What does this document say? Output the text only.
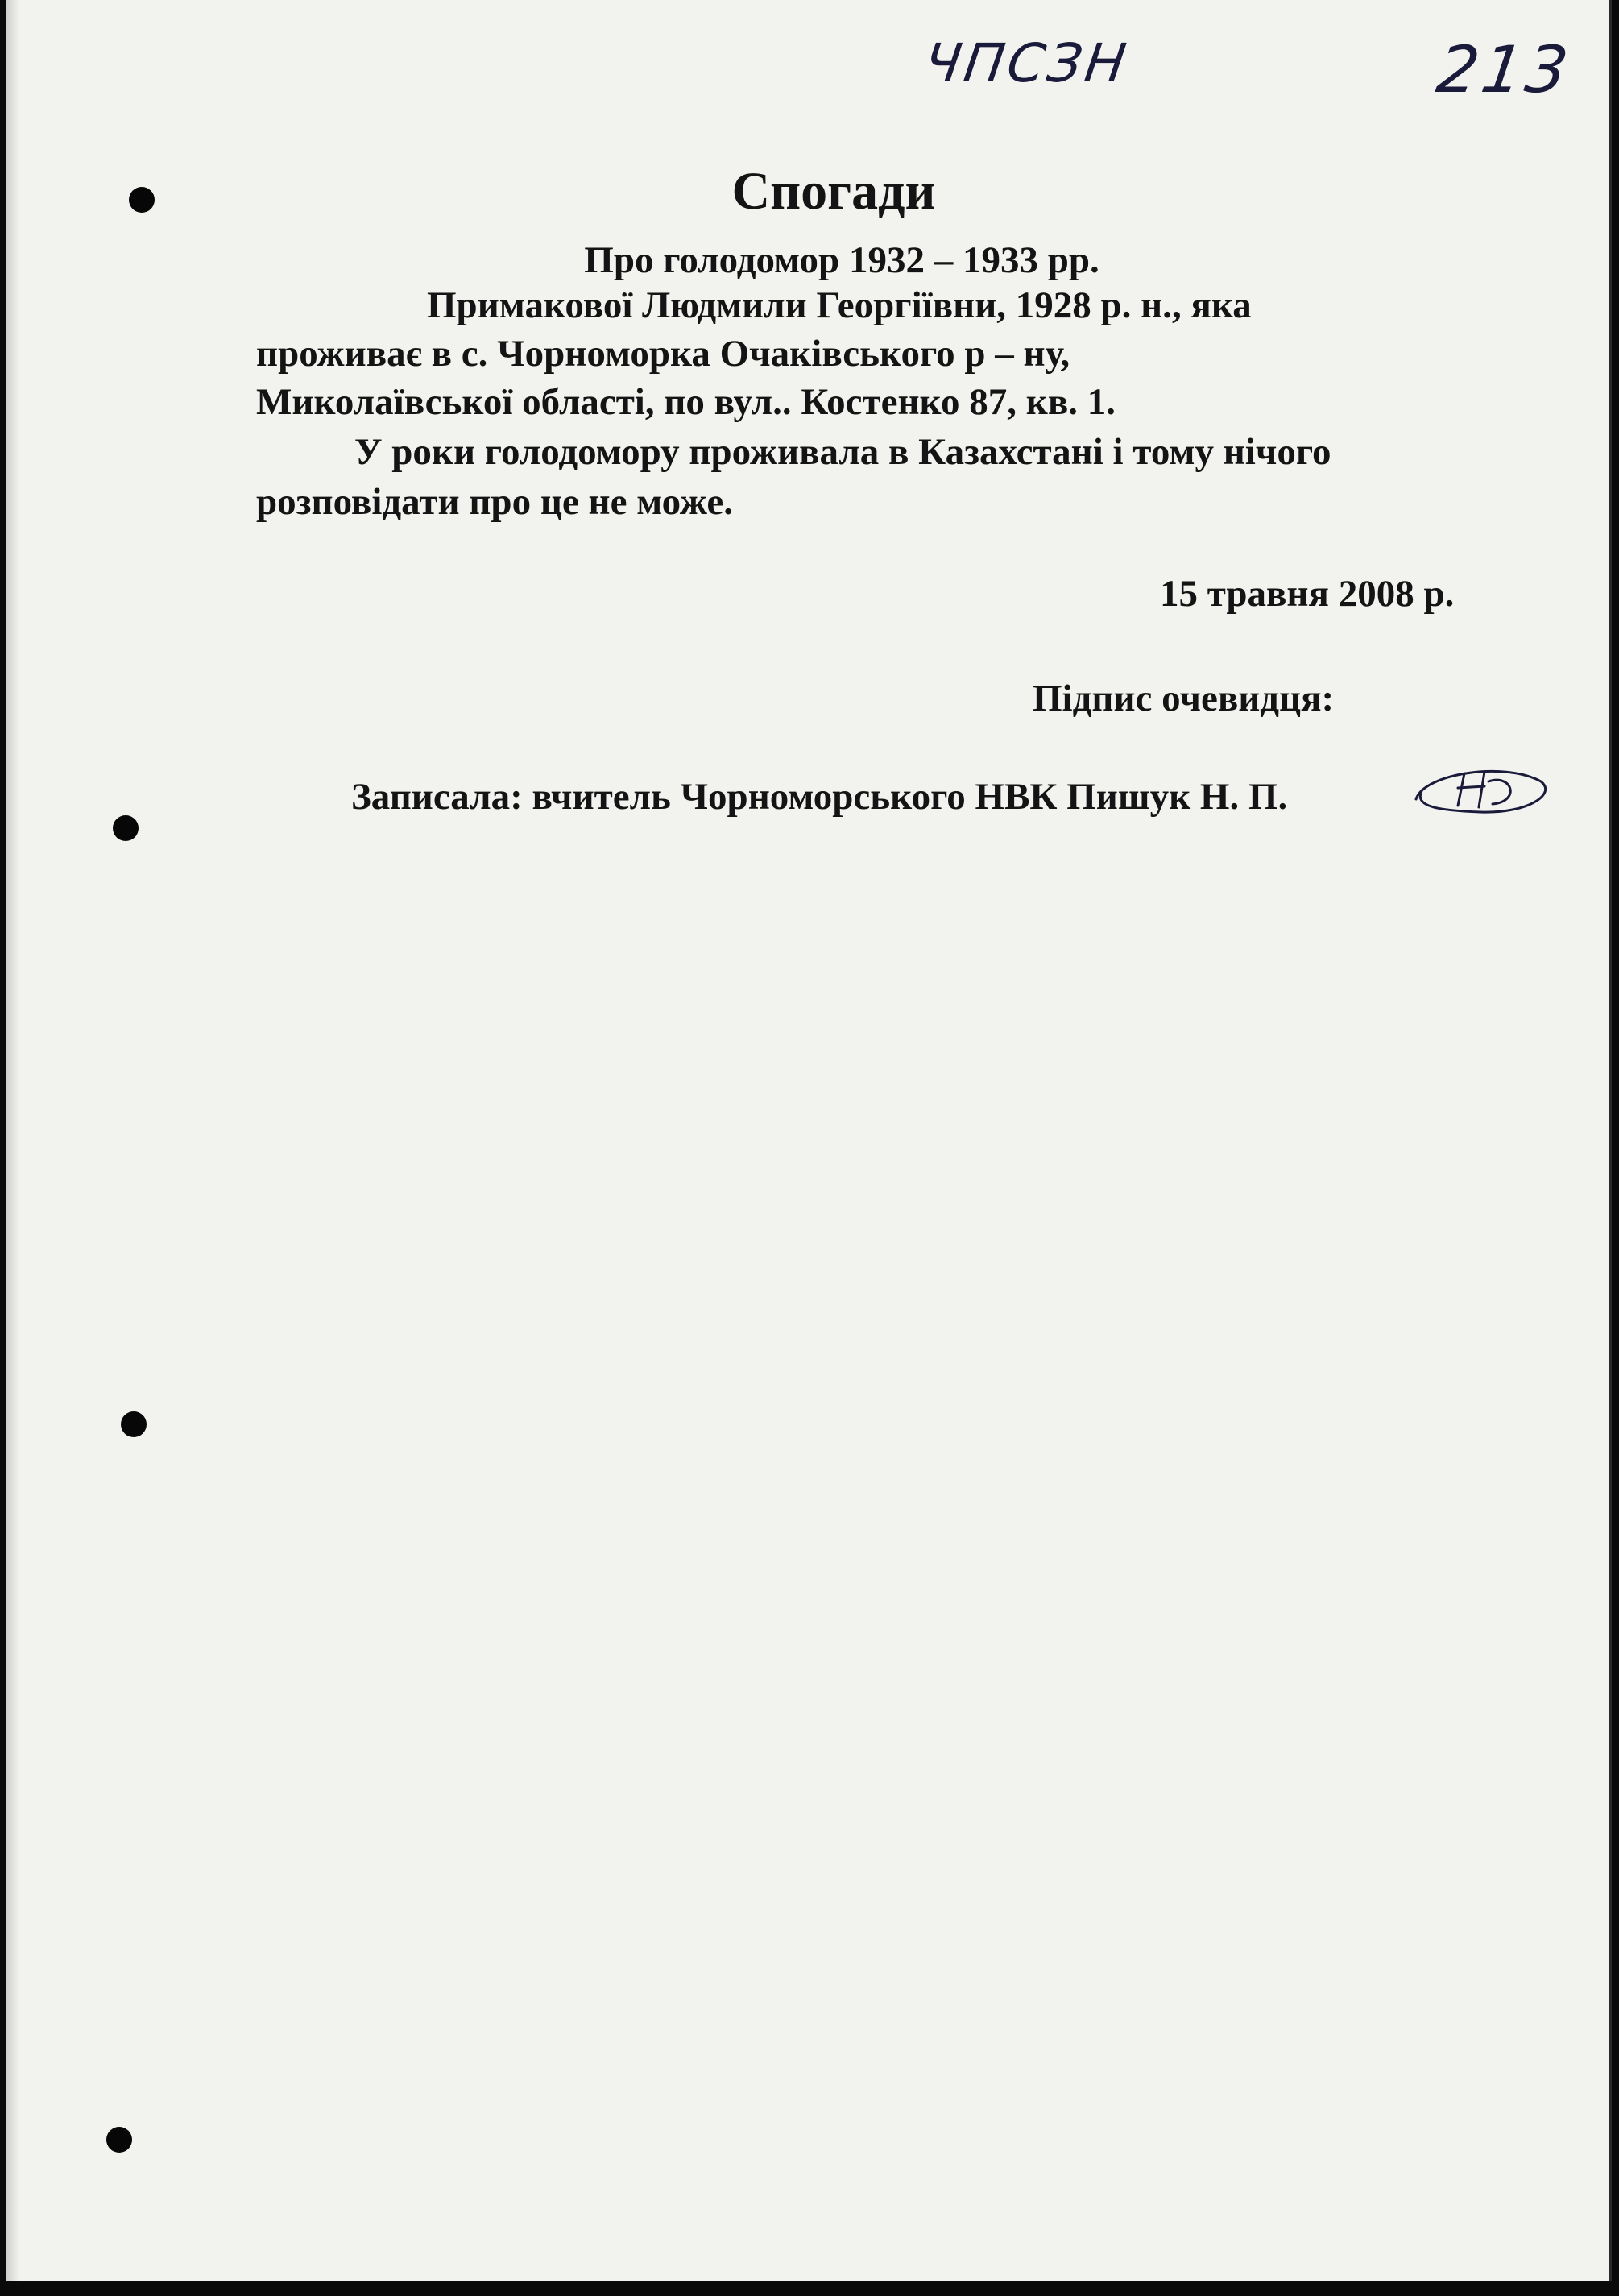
ЧПСЗН	213

Спогади

Про голодомор 1932 – 1933 рр.

Примакової Людмили Георгіївни, 1928 р. н., яка

проживає в с. Чорноморка Очаківського р – ну,

Миколаївської області, по вул.. Костенко 87, кв. 1.

У роки голодомору проживала в Казахстані і тому нічого

розповідати про це не може.

15 травня 2008 р.

Підпис очевидця:

Записала: вчитель Чорноморського НВК Пишук Н. П.
